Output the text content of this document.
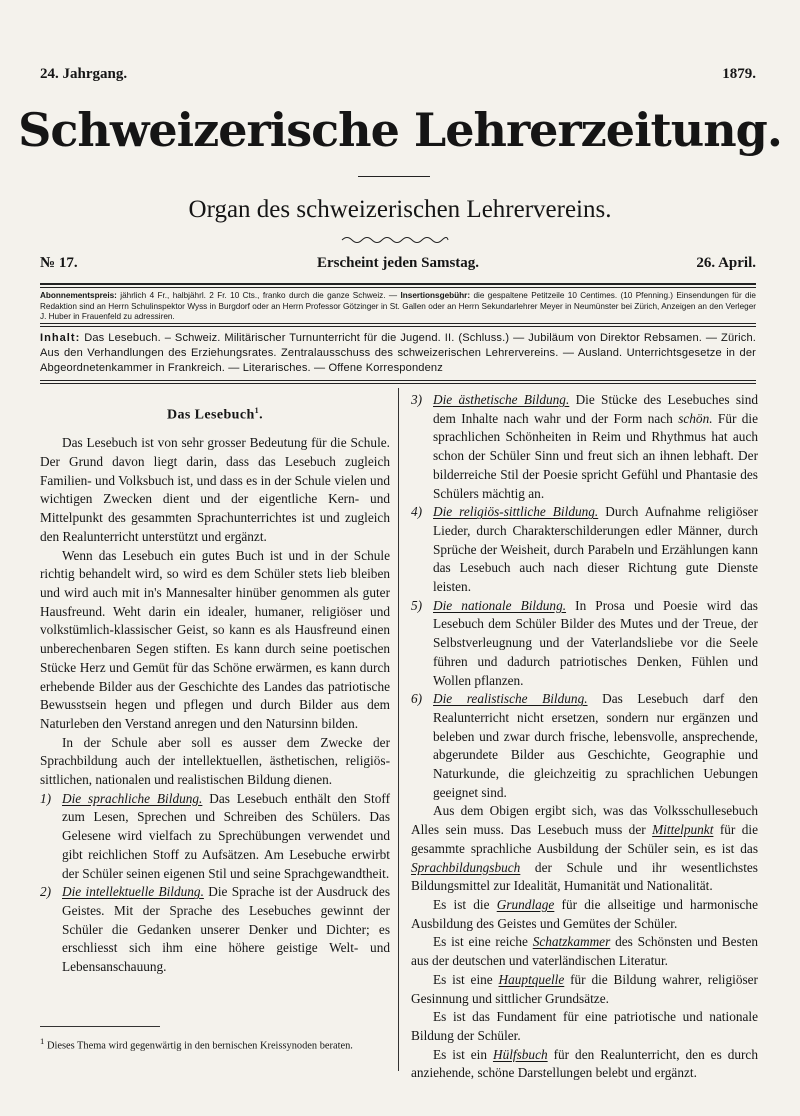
24. Jahrgang.	1879.
Schweizerische Lehrerzeitung.
Organ des schweizerischen Lehrervereins.
№ 17.	Erscheint jeden Samstag.	26. April.
Abonnementspreis: jährlich 4 Fr., halbjährl. 2 Fr. 10 Cts., franko durch die ganze Schweiz. — Insertionsgebühr: die gespaltene Petitzeile 10 Centimes. (10 Pfenning.) Einsendungen für die Redaktion sind an Herrn Schulinspektor Wyss in Burgdorf oder an Herrn Professor Götzinger in St. Gallen oder an Herrn Sekundarlehrer Meyer in Neumünster bei Zürich, Anzeigen an den Verleger J. Huber in Frauenfeld zu adressiren.
Inhalt: Das Lesebuch. – Schweiz. Militärischer Turnunterricht für die Jugend. II. (Schluss.) — Jubiläum von Direktor Rebsamen. — Zürich. Aus den Verhandlungen des Erziehungsrates. Zentralausschuss des schweizerischen Lehrervereins. — Ausland. Unterrichtsgesetze in der Abgeordnetenkammer in Frankreich. — Literarisches. — Offene Korrespondenz
Das Lesebuch$^1$.

Das Lesebuch ist von sehr grosser Bedeutung für die Schule. Der Grund davon liegt darin, dass das Lesebuch zugleich Familien- und Volksbuch ist, und dass es in der Schule vielen und wichtigen Zwecken dient und der eigentliche Kern- und Mittelpunkt des gesammten Sprachunterrichtes ist und zugleich den Realunterricht unterstützt und ergänzt.

Wenn das Lesebuch ein gutes Buch ist und in der Schule richtig behandelt wird, so wird es dem Schüler stets lieb bleiben und wird auch mit in's Mannesalter hinüber genommen als guter Hausfreund. Weht darin ein idealer, humaner, religiöser und volkstümlich-klassischer Geist, so kann es als Hausfreund einen unberechenbaren Segen stiften. Es kann durch seine poetischen Stücke Herz und Gemüt für das Schöne erwärmen, es kann durch erhebende Bilder aus der Geschichte des Landes das patriotische Bewusstsein hegen und pflegen und durch Bilder aus dem Naturleben den Verstand anregen und den Natursinn bilden.

In der Schule aber soll es ausser dem Zwecke der Sprachbildung auch der intellektuellen, ästhetischen, religiös-sittlichen, nationalen und realistischen Bildung dienen.

1) Die sprachliche Bildung. Das Lesebuch enthält den Stoff zum Lesen, Sprechen und Schreiben des Schülers. Das Gelesene wird vielfach zu Sprechübungen verwendet und gibt reichlichen Stoff zu Aufsätzen. Am Lesebuche erwirbt der Schüler seinen eigenen Stil und seine Sprachgewandtheit.

2) Die intellektuelle Bildung. Die Sprache ist der Ausdruck des Geistes. Mit der Sprache des Lesebuches gewinnt der Schüler die Gedanken unserer Denker und Dichter; es erschliesst sich ihm eine höhere geistige Welt- und Lebensanschauung.

3) Die ästhetische Bildung. Die Stücke des Lesebuches sind dem Inhalte nach wahr und der Form nach schön. Für die sprachlichen Schönheiten in Reim und Rhythmus hat auch schon der Schüler Sinn und freut sich an ihnen lebhaft. Der bilderreiche Stil der Poesie spricht Gefühl und Phantasie des Schülers mächtig an.

4) Die religiös-sittliche Bildung. Durch Aufnahme religiöser Lieder, durch Charakterschilderungen edler Männer, durch Sprüche der Weisheit, durch Parabeln und Erzählungen kann das Lesebuch auch nach dieser Richtung gute Dienste leisten.

5) Die nationale Bildung. In Prosa und Poesie wird das Lesebuch dem Schüler Bilder des Mutes und der Treue, der Selbstverleugnung und der Vaterlandsliebe vor die Seele führen und dadurch patriotisches Denken, Fühlen und Wollen pflanzen.

6) Die realistische Bildung. Das Lesebuch darf den Realunterricht nicht ersetzen, sondern nur ergänzen und beleben und zwar durch frische, lebensvolle, ansprechende, abgerundete Bilder aus Geschichte, Geographie und Naturkunde, die gleichzeitig zu sprachlichen Uebungen geeignet sind.

Aus dem Obigen ergibt sich, was das Volksschullesebuch Alles sein muss. Das Lesebuch muss der Mittelpunkt für die gesammte sprachliche Ausbildung der Schüler sein, es ist das Sprachbildungsbuch der Schule und ihr wesentlichstes Bildungsmittel zur Idealität, Humanität und Nationalität.

Es ist die Grundlage für die allseitige und harmonische Ausbildung des Geistes und Gemütes der Schüler.

Es ist eine reiche Schatzkammer des Schönsten und Besten aus der deutschen und vaterländischen Literatur.

Es ist eine Hauptquelle für die Bildung wahrer, religiöser Gesinnung und sittlicher Grundsätze.

Es ist das Fundament für eine patriotische und nationale Bildung der Schüler.

Es ist ein Hülfsbuch für den Realunterricht, den es durch anziehende, schöne Darstellungen belebt und ergänzt.

$^1$ Dieses Thema wird gegenwärtig in den bernischen Kreissynoden beraten.
